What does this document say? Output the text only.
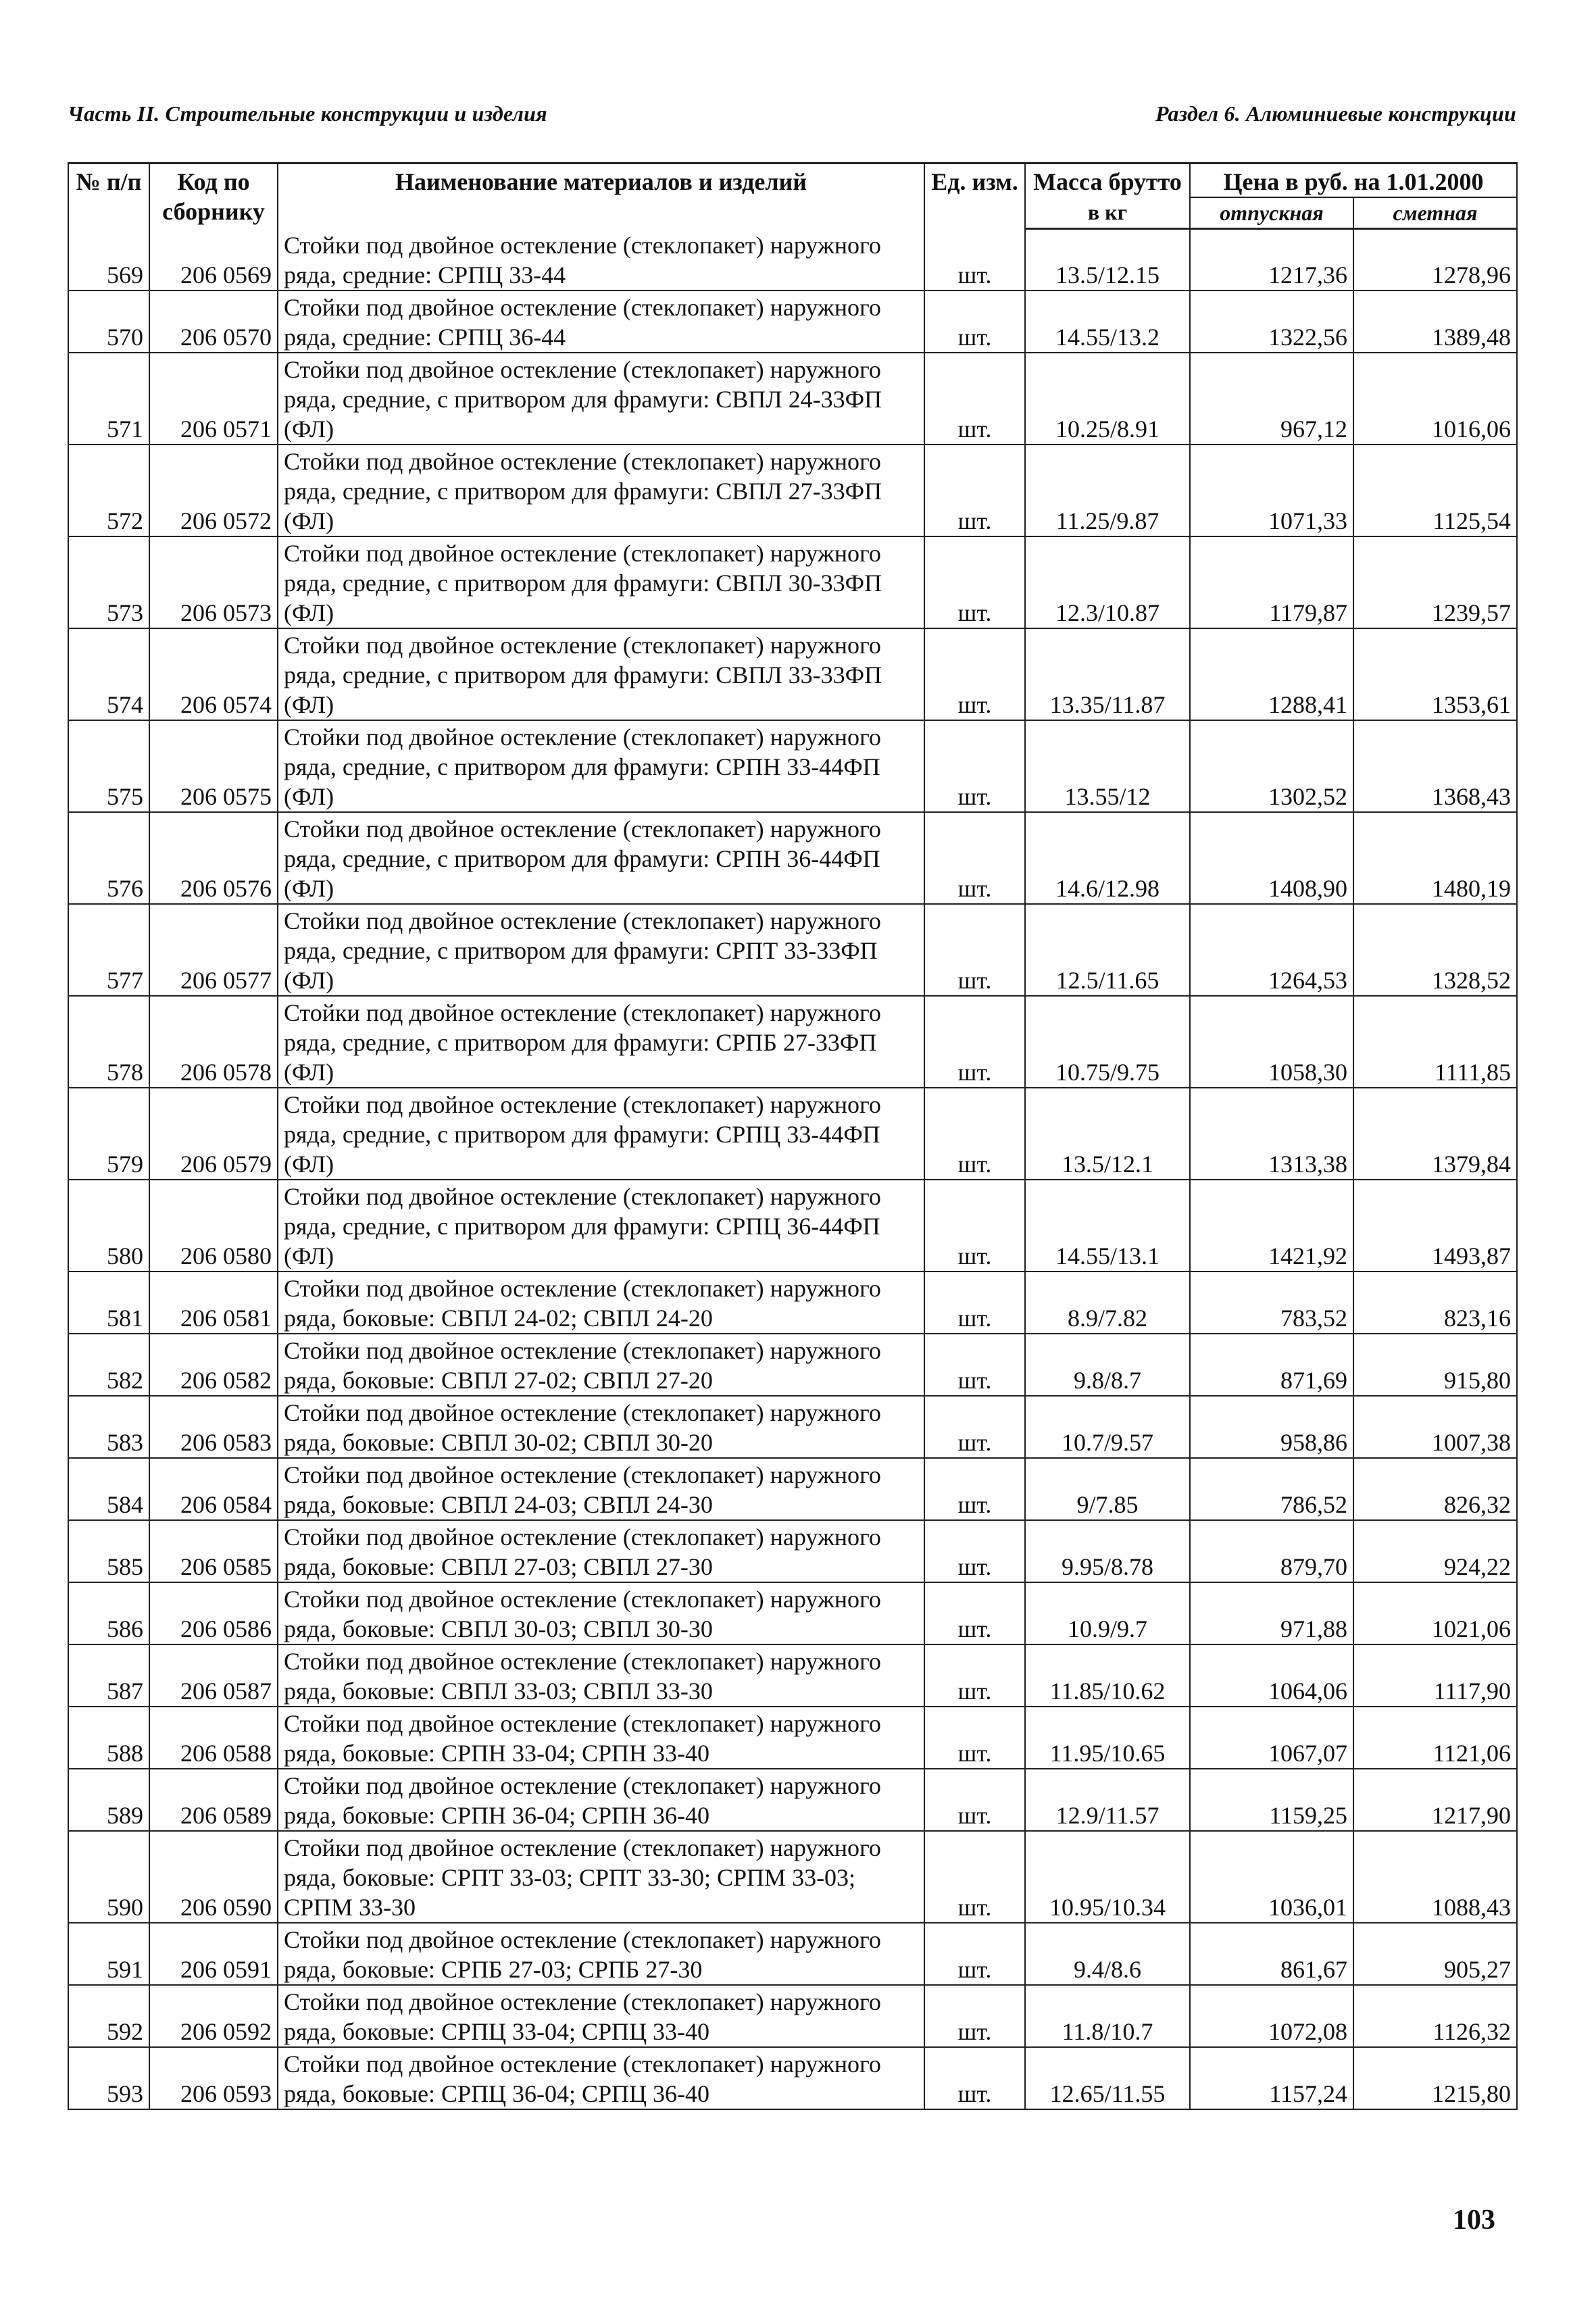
Часть II. Строительные конструкции и изделия	Раздел 6. Алюминиевые конструкции
№ п/п	Код по сборнику	Наименование материалов и изделий	Ед. изм.	Масса брутто	Цена в руб. на 1.01.2000	
				в кг	отпускная	сметная
569	206 0569	Стойки под двойное остекление (стеклопакет) наружного ряда, средние: СРПЦ 33-44	шт.	13.5/12.15	1217,36	1278,96
570	206 0570	Стойки под двойное остекление (стеклопакет) наружного ряда, средние: СРПЦ 36-44	шт.	14.55/13.2	1322,56	1389,48
571	206 0571	Стойки под двойное остекление (стеклопакет) наружного ряда, средние, с притвором для фрамуги: СВПЛ 24-33ФП (ФЛ)	шт.	10.25/8.91	967,12	1016,06
572	206 0572	Стойки под двойное остекление (стеклопакет) наружного ряда, средние, с притвором для фрамуги: СВПЛ 27-33ФП (ФЛ)	шт.	11.25/9.87	1071,33	1125,54
573	206 0573	Стойки под двойное остекление (стеклопакет) наружного ряда, средние, с притвором для фрамуги: СВПЛ 30-33ФП (ФЛ)	шт.	12.3/10.87	1179,87	1239,57
574	206 0574	Стойки под двойное остекление (стеклопакет) наружного ряда, средние, с притвором для фрамуги: СВПЛ 33-33ФП (ФЛ)	шт.	13.35/11.87	1288,41	1353,61
575	206 0575	Стойки под двойное остекление (стеклопакет) наружного ряда, средние, с притвором для фрамуги: СРПН 33-44ФП (ФЛ)	шт.	13.55/12	1302,52	1368,43
576	206 0576	Стойки под двойное остекление (стеклопакет) наружного ряда, средние, с притвором для фрамуги: СРПН 36-44ФП (ФЛ)	шт.	14.6/12.98	1408,90	1480,19
577	206 0577	Стойки под двойное остекление (стеклопакет) наружного ряда, средние, с притвором для фрамуги: СРПТ 33-33ФП (ФЛ)	шт.	12.5/11.65	1264,53	1328,52
578	206 0578	Стойки под двойное остекление (стеклопакет) наружного ряда, средние, с притвором для фрамуги: СРПБ 27-33ФП (ФЛ)	шт.	10.75/9.75	1058,30	1111,85
579	206 0579	Стойки под двойное остекление (стеклопакет) наружного ряда, средние, с притвором для фрамуги: СРПЦ 33-44ФП (ФЛ)	шт.	13.5/12.1	1313,38	1379,84
580	206 0580	Стойки под двойное остекление (стеклопакет) наружного ряда, средние, с притвором для фрамуги: СРПЦ 36-44ФП (ФЛ)	шт.	14.55/13.1	1421,92	1493,87
581	206 0581	Стойки под двойное остекление (стеклопакет) наружного ряда, боковые: СВПЛ 24-02; СВПЛ 24-20	шт.	8.9/7.82	783,52	823,16
582	206 0582	Стойки под двойное остекление (стеклопакет) наружного ряда, боковые: СВПЛ 27-02; СВПЛ 27-20	шт.	9.8/8.7	871,69	915,80
583	206 0583	Стойки под двойное остекление (стеклопакет) наружного ряда, боковые: СВПЛ 30-02; СВПЛ 30-20	шт.	10.7/9.57	958,86	1007,38
584	206 0584	Стойки под двойное остекление (стеклопакет) наружного ряда, боковые: СВПЛ 24-03; СВПЛ 24-30	шт.	9/7.85	786,52	826,32
585	206 0585	Стойки под двойное остекление (стеклопакет) наружного ряда, боковые: СВПЛ 27-03; СВПЛ 27-30	шт.	9.95/8.78	879,70	924,22
586	206 0586	Стойки под двойное остекление (стеклопакет) наружного ряда, боковые: СВПЛ 30-03; СВПЛ 30-30	шт.	10.9/9.7	971,88	1021,06
587	206 0587	Стойки под двойное остекление (стеклопакет) наружного ряда, боковые: СВПЛ 33-03; СВПЛ 33-30	шт.	11.85/10.62	1064,06	1117,90
588	206 0588	Стойки под двойное остекление (стеклопакет) наружного ряда, боковые: СРПН 33-04; СРПН 33-40	шт.	11.95/10.65	1067,07	1121,06
589	206 0589	Стойки под двойное остекление (стеклопакет) наружного ряда, боковые: СРПН 36-04; СРПН 36-40	шт.	12.9/11.57	1159,25	1217,90
590	206 0590	Стойки под двойное остекление (стеклопакет) наружного ряда, боковые: СРПТ 33-03; СРПТ 33-30; СРПМ 33-03; СРПМ 33-30	шт.	10.95/10.34	1036,01	1088,43
591	206 0591	Стойки под двойное остекление (стеклопакет) наружного ряда, боковые: СРПБ 27-03; СРПБ 27-30	шт.	9.4/8.6	861,67	905,27
592	206 0592	Стойки под двойное остекление (стеклопакет) наружного ряда, боковые: СРПЦ 33-04; СРПЦ 33-40	шт.	11.8/10.7	1072,08	1126,32
593	206 0593	Стойки под двойное остекление (стеклопакет) наружного ряда, боковые: СРПЦ 36-04; СРПЦ 36-40	шт.	12.65/11.55	1157,24	1215,80
103
